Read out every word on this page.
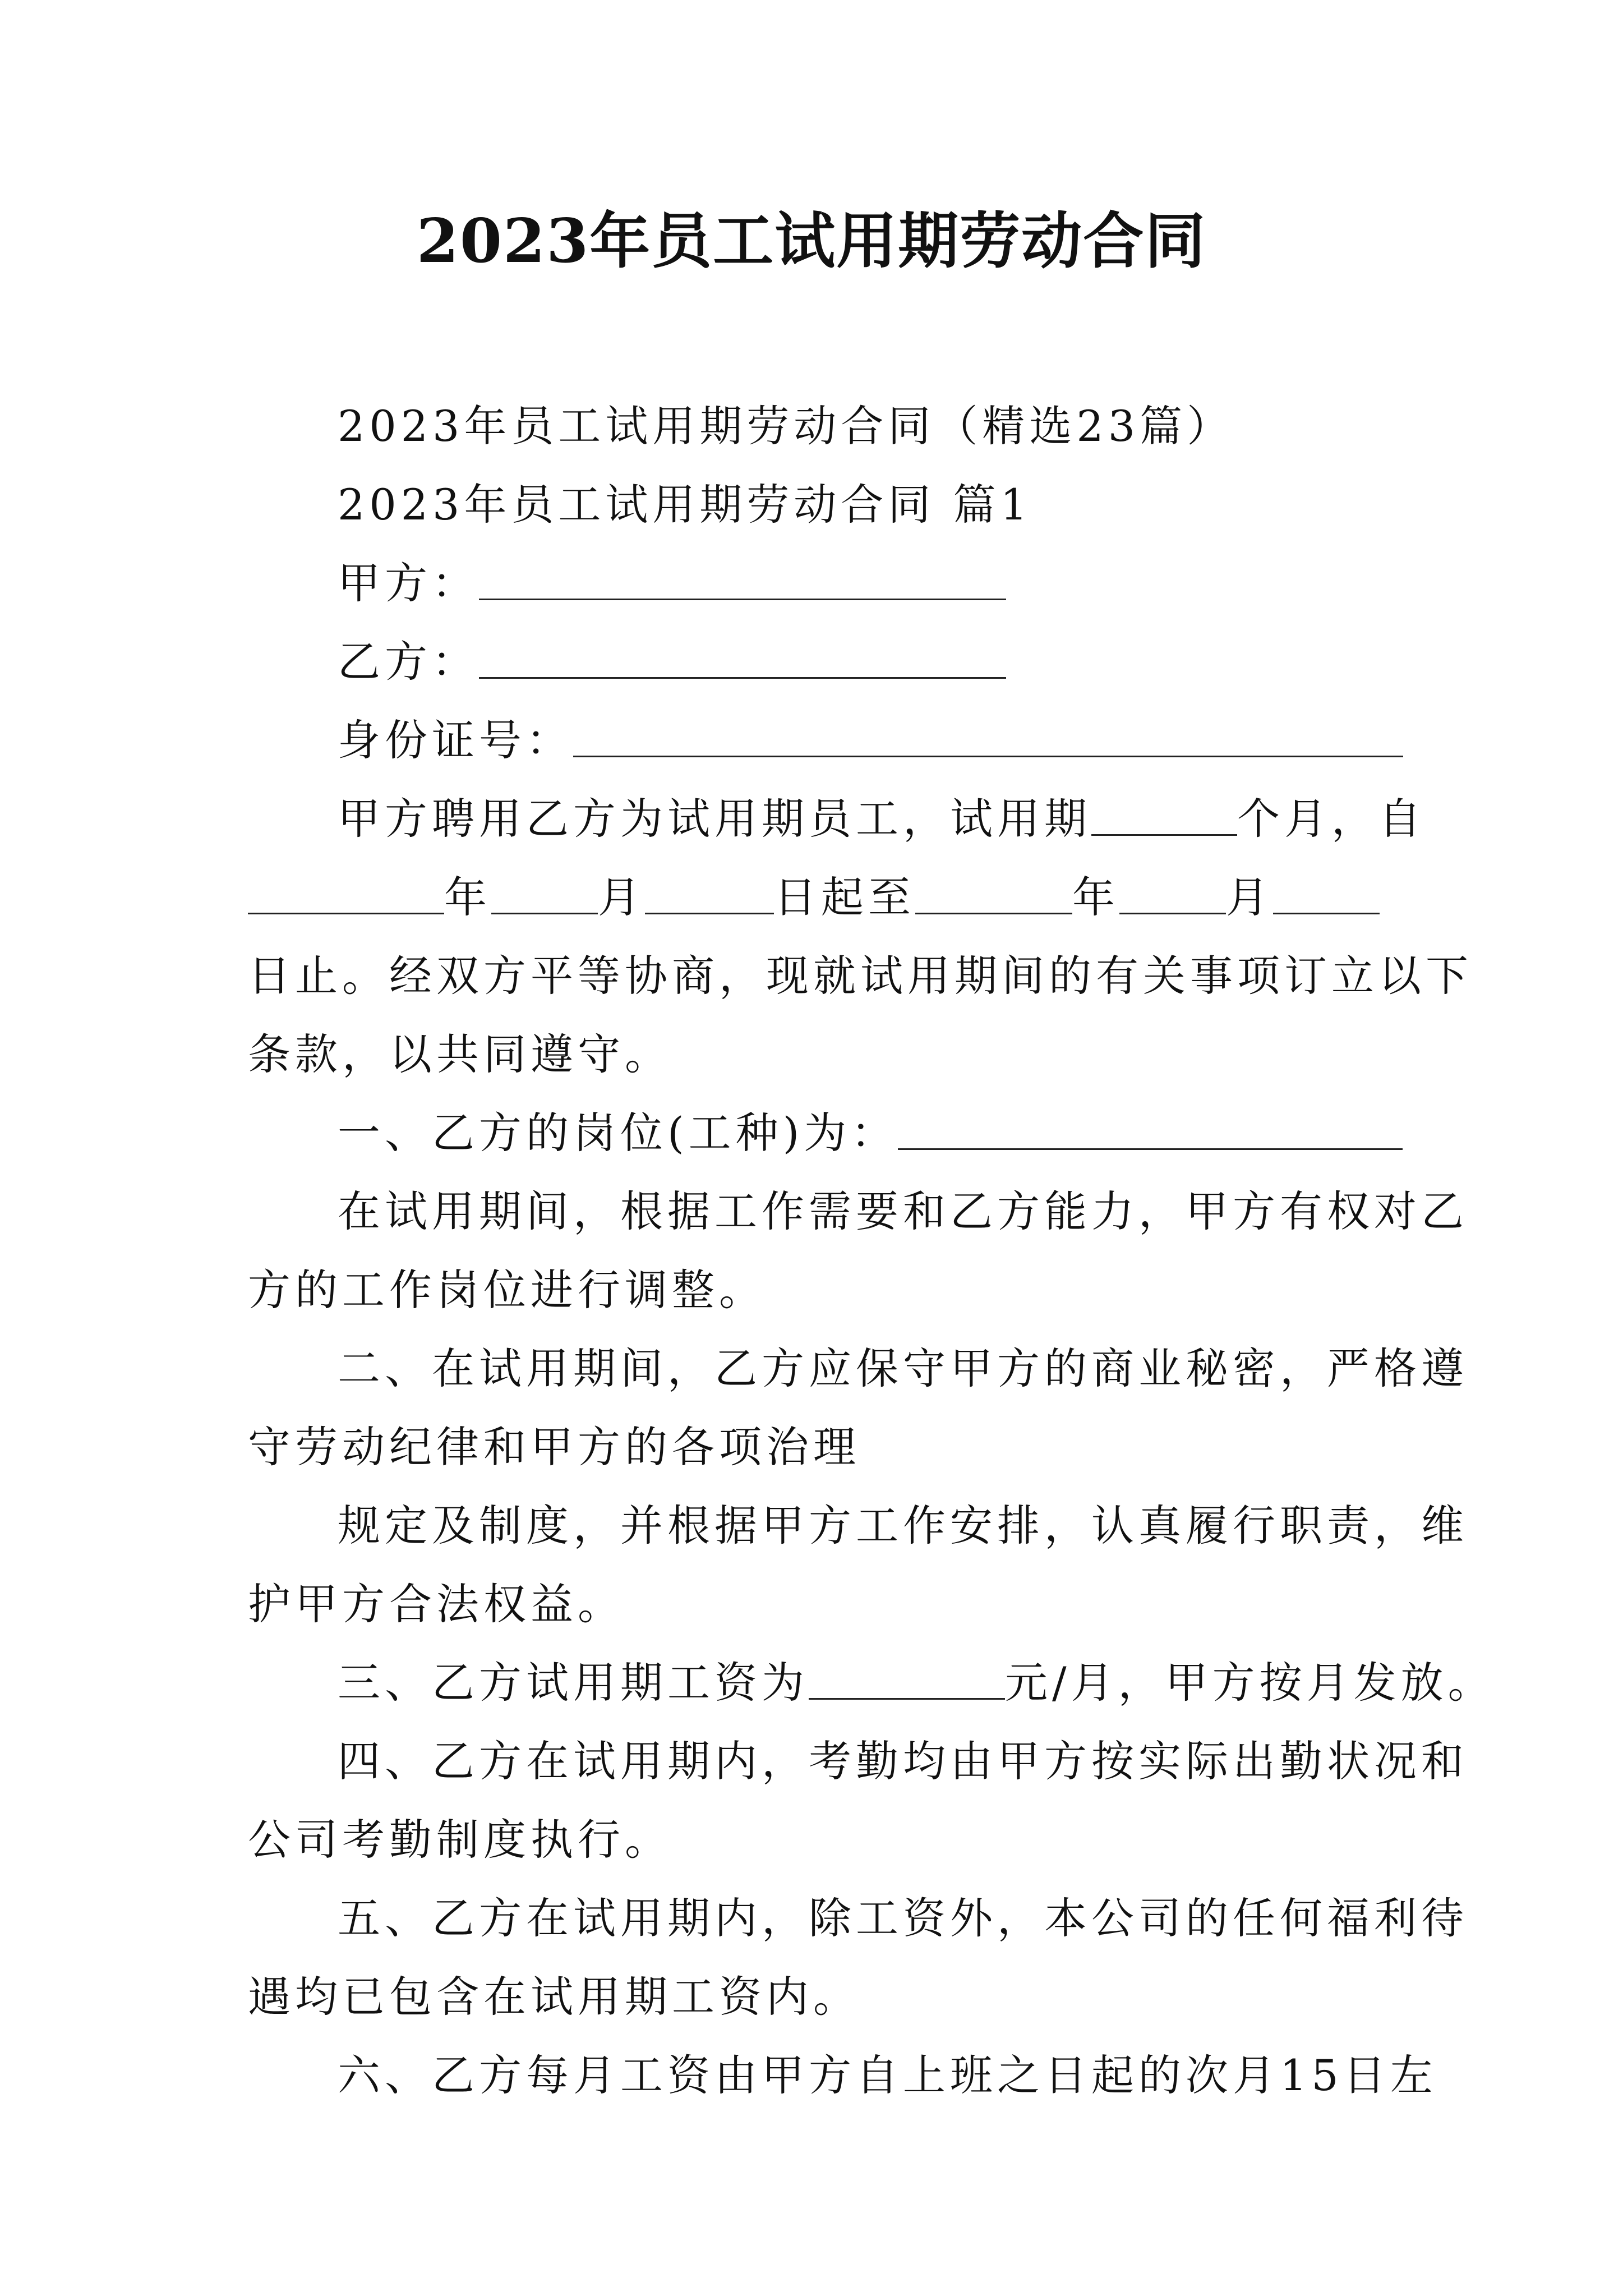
2023年员工试用期劳动合同
2023年员工试用期劳动合同（精选23篇）
2023年员工试用期劳动合同 篇1
甲方：
乙方：
身份证号：
甲方聘用乙方为试用期员工，试用期	个月，自
年	月	日起至	年	月
日止。经双方平等协商，现就试用期间的有关事项订立以下
条款，以共同遵守。
一、乙方的岗位(工种)为：
在试用期间，根据工作需要和乙方能力，甲方有权对乙
方的工作岗位进行调整。
二、在试用期间，乙方应保守甲方的商业秘密，严格遵
守劳动纪律和甲方的各项治理
规定及制度，并根据甲方工作安排，认真履行职责，维
护甲方合法权益。
三、乙方试用期工资为	元/月，甲方按月发放。
四、乙方在试用期内，考勤均由甲方按实际出勤状况和
公司考勤制度执行。
五、乙方在试用期内，除工资外，本公司的任何福利待
遇均已包含在试用期工资内。
六、乙方每月工资由甲方自上班之日起的次月15日左
